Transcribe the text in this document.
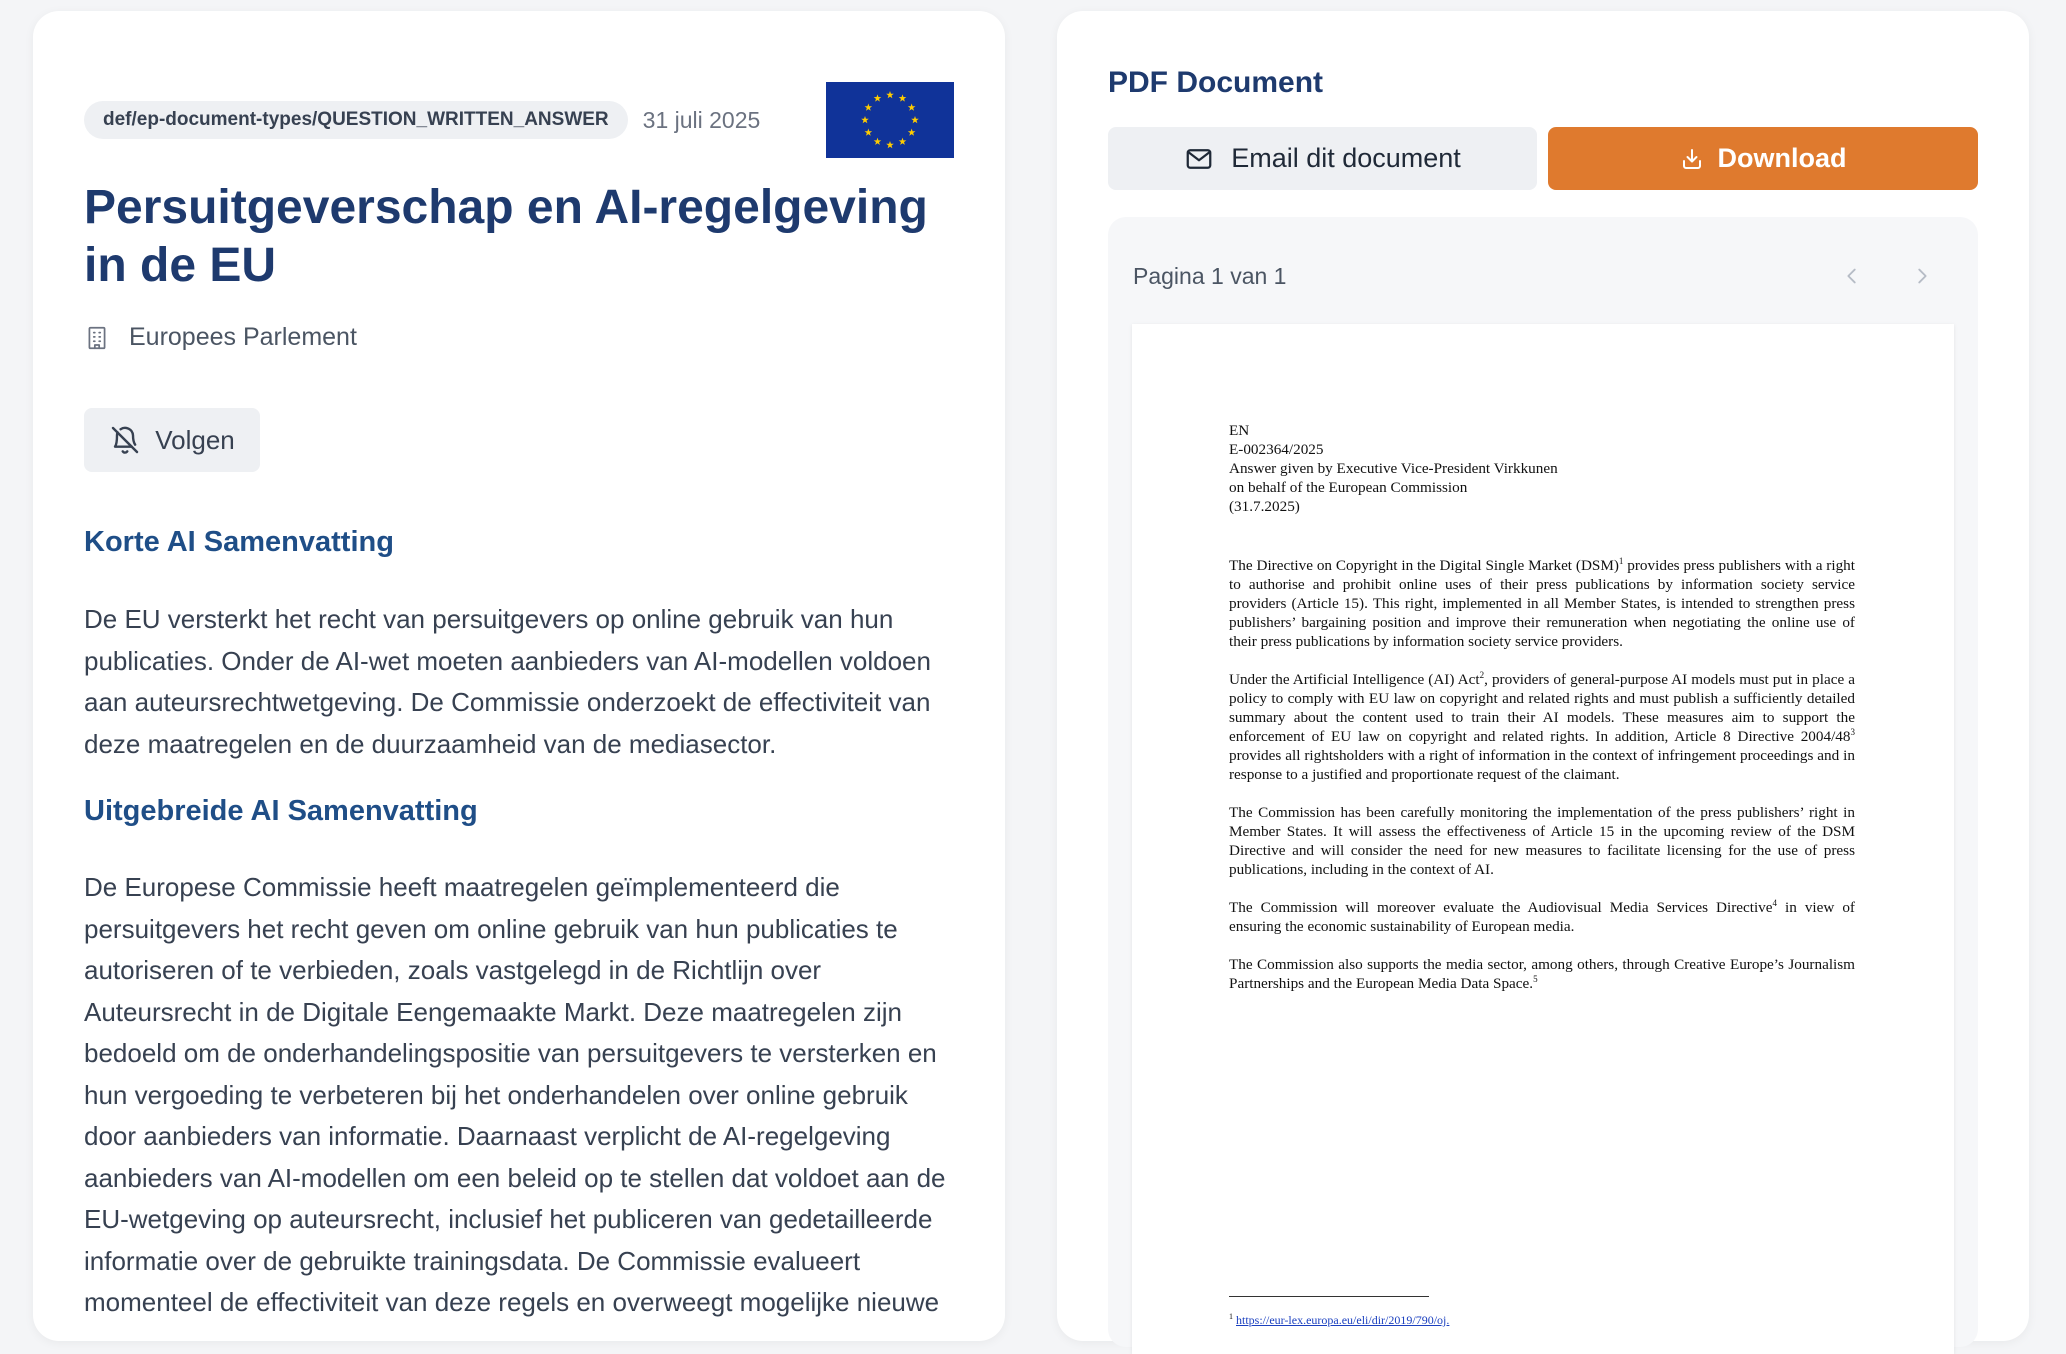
def/ep-document-types/QUESTION_WRITTEN_ANSWER	31 juli 2025
Persuitgeverschap en AI-regelgeving in de EU
Europees Parlement
Volgen
Korte AI Samenvatting

De EU versterkt het recht van persuitgevers op online gebruik van hun publicaties. Onder de AI-wet moeten aanbieders van AI-modellen voldoen aan auteursrechtwetgeving. De Commissie onderzoekt de effectiviteit van deze maatregelen en de duurzaamheid van de mediasector.

Uitgebreide AI Samenvatting

De Europese Commissie heeft maatregelen geïmplementeerd die persuitgevers het recht geven om online gebruik van hun publicaties te autoriseren of te verbieden, zoals vastgelegd in de Richtlijn over Auteursrecht in de Digitale Eengemaakte Markt. Deze maatregelen zijn bedoeld om de onderhandelingspositie van persuitgevers te versterken en hun vergoeding te verbeteren bij het onderhandelen over online gebruik door aanbieders van informatie. Daarnaast verplicht de AI-regelgeving aanbieders van AI-modellen om een beleid op te stellen dat voldoet aan de EU-wetgeving op auteursrecht, inclusief het publiceren van gedetailleerde informatie over de gebruikte trainingsdata. De Commissie evalueert momenteel de effectiviteit van deze regels en overweegt mogelijke nieuwe

PDF Document
Email dit document	Download
Pagina 1 van 1
EN
E-002364/2025
Answer given by Executive Vice-President Virkkunen
on behalf of the European Commission
(31.7.2025)

The Directive on Copyright in the Digital Single Market (DSM)$^1$ provides press publishers with a right to authorise and prohibit online uses of their press publications by information society service providers (Article 15). This right, implemented in all Member States, is intended to strengthen press publishers’ bargaining position and improve their remuneration when negotiating the online use of their press publications by information society service providers.

Under the Artificial Intelligence (AI) Act$^2$, providers of general-purpose AI models must put in place a policy to comply with EU law on copyright and related rights and must publish a sufficiently detailed summary about the content used to train their AI models. These measures aim to support the enforcement of EU law on copyright and related rights. In addition, Article 8 Directive $2004/48^3$ provides all rightsholders with a right of information in the context of infringement proceedings and in response to a justified and proportionate request of the claimant.

The Commission has been carefully monitoring the implementation of the press publishers’ right in Member States. It will assess the effectiveness of Article 15 in the upcoming review of the DSM Directive and will consider the need for new measures to facilitate licensing for the use of press publications, including in the context of AI.

The Commission will moreover evaluate the Audiovisual Media Services Directive$^4$ in view of ensuring the economic sustainability of European media.

The Commission also supports the media sector, among others, through Creative Europe’s Journalism Partnerships and the European Media Data Space.$^5$

$^1$ https://eur-lex.europa.eu/eli/dir/2019/790/oj.
